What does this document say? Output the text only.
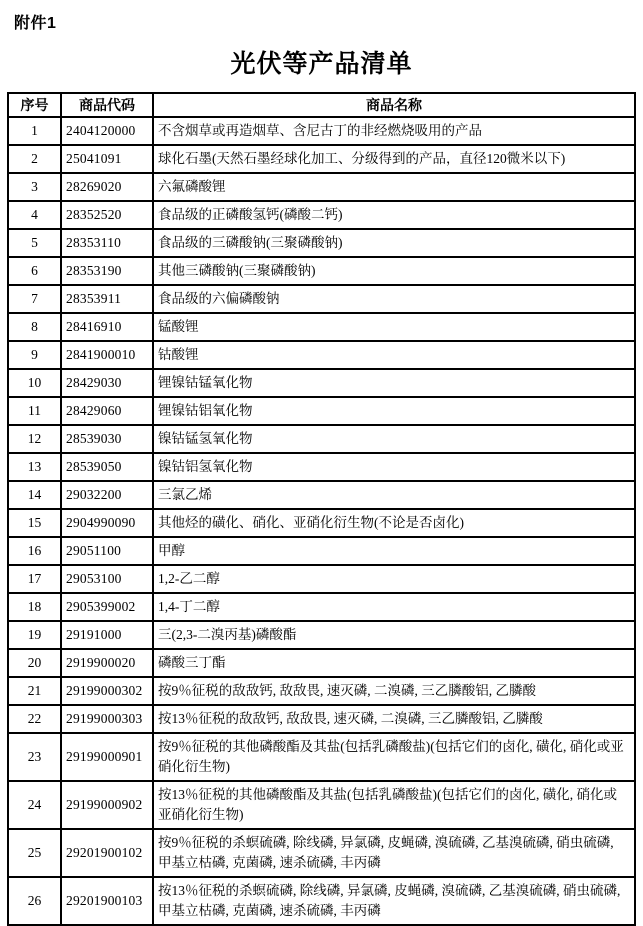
附件1
光伏等产品清单
序号	商品代码	商品名称
1	2404120000	不含烟草或再造烟草、含尼古丁的非经燃烧吸用的产品
2	25041091	球化石墨(天然石墨经球化加工、分级得到的产品，直径120微米以下)
3	28269020	六氟磷酸锂
4	28352520	食品级的正磷酸氢钙(磷酸二钙)
5	28353110	食品级的三磷酸钠(三聚磷酸钠)
6	28353190	其他三磷酸钠(三聚磷酸钠)
7	28353911	食品级的六偏磷酸钠
8	28416910	锰酸锂
9	2841900010	钴酸锂
10	28429030	锂镍钴锰氧化物
11	28429060	锂镍钴铝氧化物
12	28539030	镍钴锰氢氧化物
13	28539050	镍钴铝氢氧化物
14	29032200	三氯乙烯
15	2904990090	其他烃的磺化、硝化、亚硝化衍生物(不论是否卤化)
16	29051100	甲醇
17	29053100	1,2-乙二醇
18	2905399002	1,4-丁二醇
19	29191000	三(2,3-二溴丙基)磷酸酯
20	2919900020	磷酸三丁酯
21	29199000302	按9％征税的敌敌钙, 敌敌畏, 速灭磷, 二溴磷, 三乙膦酸铝, 乙膦酸
22	29199000303	按13％征税的敌敌钙, 敌敌畏, 速灭磷, 二溴磷, 三乙膦酸铝, 乙膦酸
23	29199000901	按9％征税的其他磷酸酯及其盐(包括乳磷酸盐)(包括它们的卤化, 磺化, 硝化或亚硝化衍生物)
24	29199000902	按13％征税的其他磷酸酯及其盐(包括乳磷酸盐)(包括它们的卤化, 磺化, 硝化或亚硝化衍生物)
25	29201900102	按9％征税的杀螟硫磷, 除线磷, 异氯磷, 皮蝇磷, 溴硫磷, 乙基溴硫磷, 硝虫硫磷, 甲基立枯磷, 克菌磷, 速杀硫磷, 丰丙磷
26	29201900103	按13％征税的杀螟硫磷, 除线磷, 异氯磷, 皮蝇磷, 溴硫磷, 乙基溴硫磷, 硝虫硫磷, 甲基立枯磷, 克菌磷, 速杀硫磷, 丰丙磷
